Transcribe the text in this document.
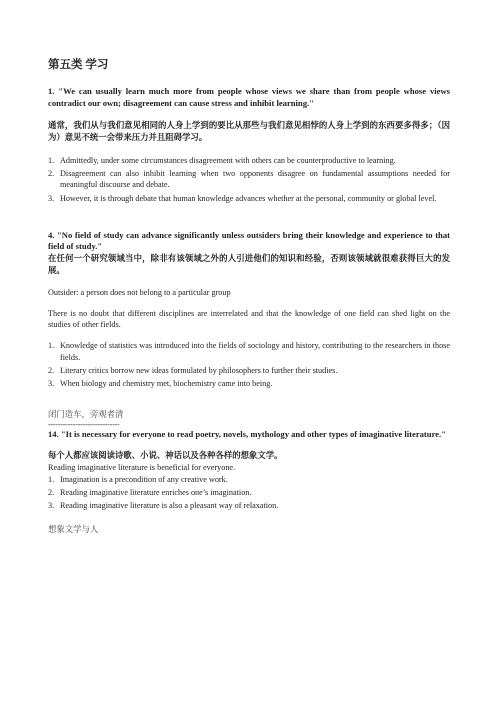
第五类 学习

1. "We can usually learn much more from people whose views we share than from people whose views contradict our own; disagreement can cause stress and inhibit learning."

通常，我们从与我们意见相同的人身上学到的要比从那些与我们意见相悖的人身上学到的东西要多得多；（因为）意见不统一会带来压力并且阻碍学习。

1. Admittedly, under some circumstances disagreement with others can be counterproductive to learning.
2. Disagreement can also inhibit learning when two opponents disagree on fundamental assumptions needed for meaningful discourse and debate.
3. However, it is through debate that human knowledge advances whether at the personal, community or global level.

4. "No field of study can advance significantly unless outsiders bring their knowledge and experience to that field of study."

在任何一个研究领域当中，除非有该领域之外的人引进他们的知识和经验，否则该领域就很难获得巨大的发展。

Outsider: a person does not belong to a particular group

There is no doubt that different disciplines are interrelated and that the knowledge of one field can shed light on the studies of other fields.

1. Knowledge of statistics was introduced into the fields of sociology and history, contributing to the researchers in those fields.
2. Literary critics borrow new ideas formulated by philosophers to further their studies.
3. When biology and chemistry met, biochemistry came into being.

闭门造车，旁观者清

-----------------------------

14. "It is necessary for everyone to read poetry, novels, mythology and other types of imaginative literature."

每个人都应该阅读诗歌、小说、神话以及各种各样的想象文学。

Reading imaginative literature is beneficial for everyone.

1. Imagination is a precondition of any creative work.
2. Reading imaginative literature enriches one’s imagination.
3. Reading imaginative literature is also a pleasant way of relaxation.

想象文学与人
